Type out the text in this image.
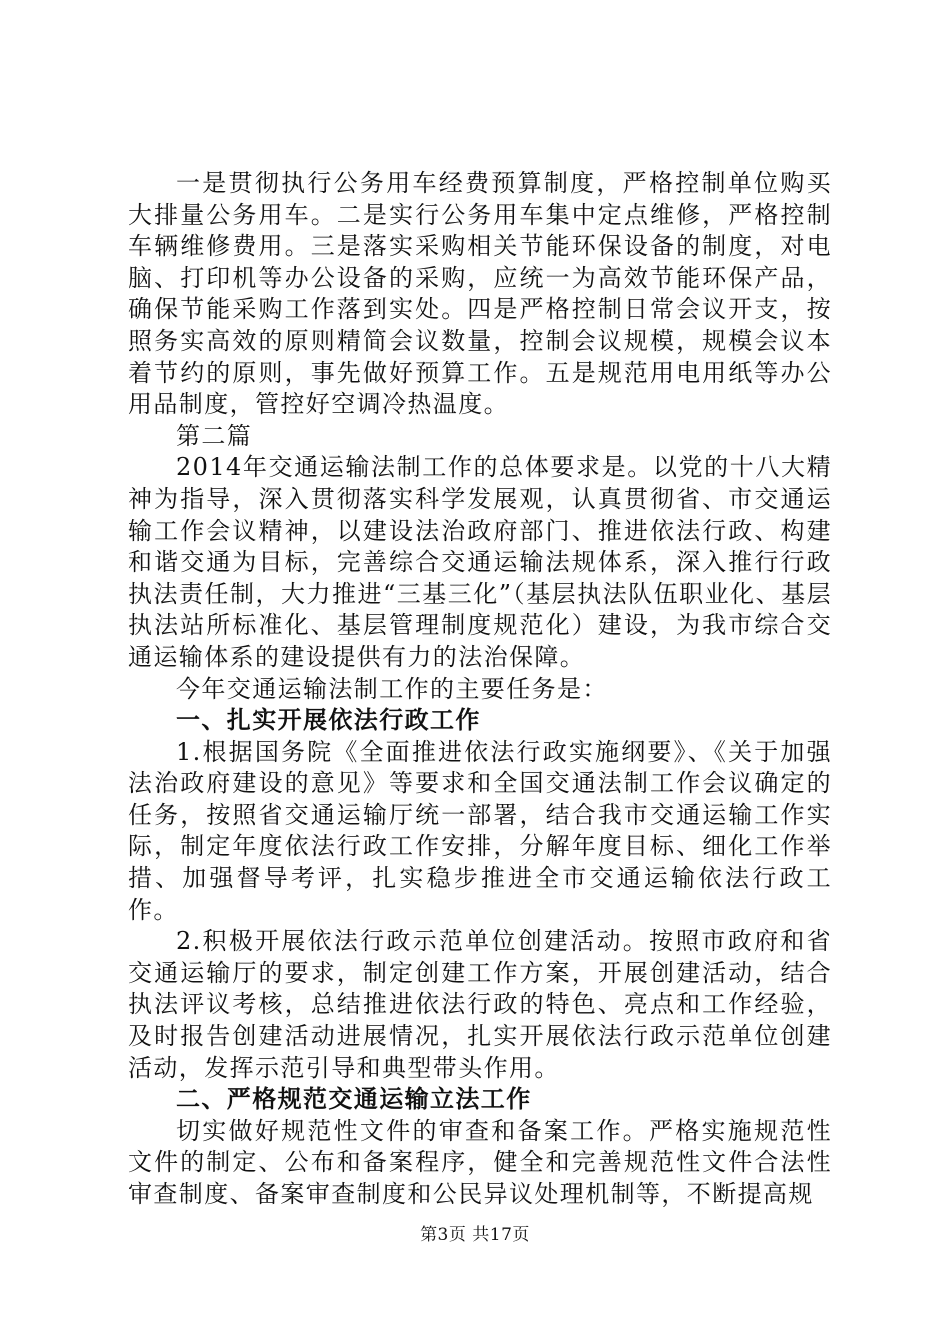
一是贯彻执行公务用车经费预算制度，严格控制单位购买大排量公务用车。二是实行公务用车集中定点维修，严格控制车辆维修费用。三是落实采购相关节能环保设备的制度，对电脑、打印机等办公设备的采购，应统一为高效节能环保产品，确保节能采购工作落到实处。四是严格控制日常会议开支，按照务实高效的原则精简会议数量，控制会议规模，规模会议本着节约的原则，事先做好预算工作。五是规范用电用纸等办公用品制度，管控好空调冷热温度。

第二篇

2014年交通运输法制工作的总体要求是。以党的十八大精神为指导，深入贯彻落实科学发展观，认真贯彻省、市交通运输工作会议精神，以建设法治政府部门、推进依法行政、构建和谐交通为目标，完善综合交通运输法规体系，深入推行行政执法责任制，大力推进“三基三化”（基层执法队伍职业化、基层执法站所标准化、基层管理制度规范化）建设，为我市综合交通运输体系的建设提供有力的法治保障。

今年交通运输法制工作的主要任务是：

一、扎实开展依法行政工作

1.根据国务院《全面推进依法行政实施纲要》、《关于加强法治政府建设的意见》等要求和全国交通法制工作会议确定的任务，按照省交通运输厅统一部署，结合我市交通运输工作实际，制定年度依法行政工作安排，分解年度目标、细化工作举措、加强督导考评，扎实稳步推进全市交通运输依法行政工作。

2.积极开展依法行政示范单位创建活动。按照市政府和省交通运输厅的要求，制定创建工作方案，开展创建活动，结合执法评议考核，总结推进依法行政的特色、亮点和工作经验，及时报告创建活动进展情况，扎实开展依法行政示范单位创建活动，发挥示范引导和典型带头作用。

二、严格规范交通运输立法工作

切实做好规范性文件的审查和备案工作。严格实施规范性文件的制定、公布和备案程序，健全和完善规范性文件合法性审查制度、备案审查制度和公民异议处理机制等，不断提高规

第3页 共17页
